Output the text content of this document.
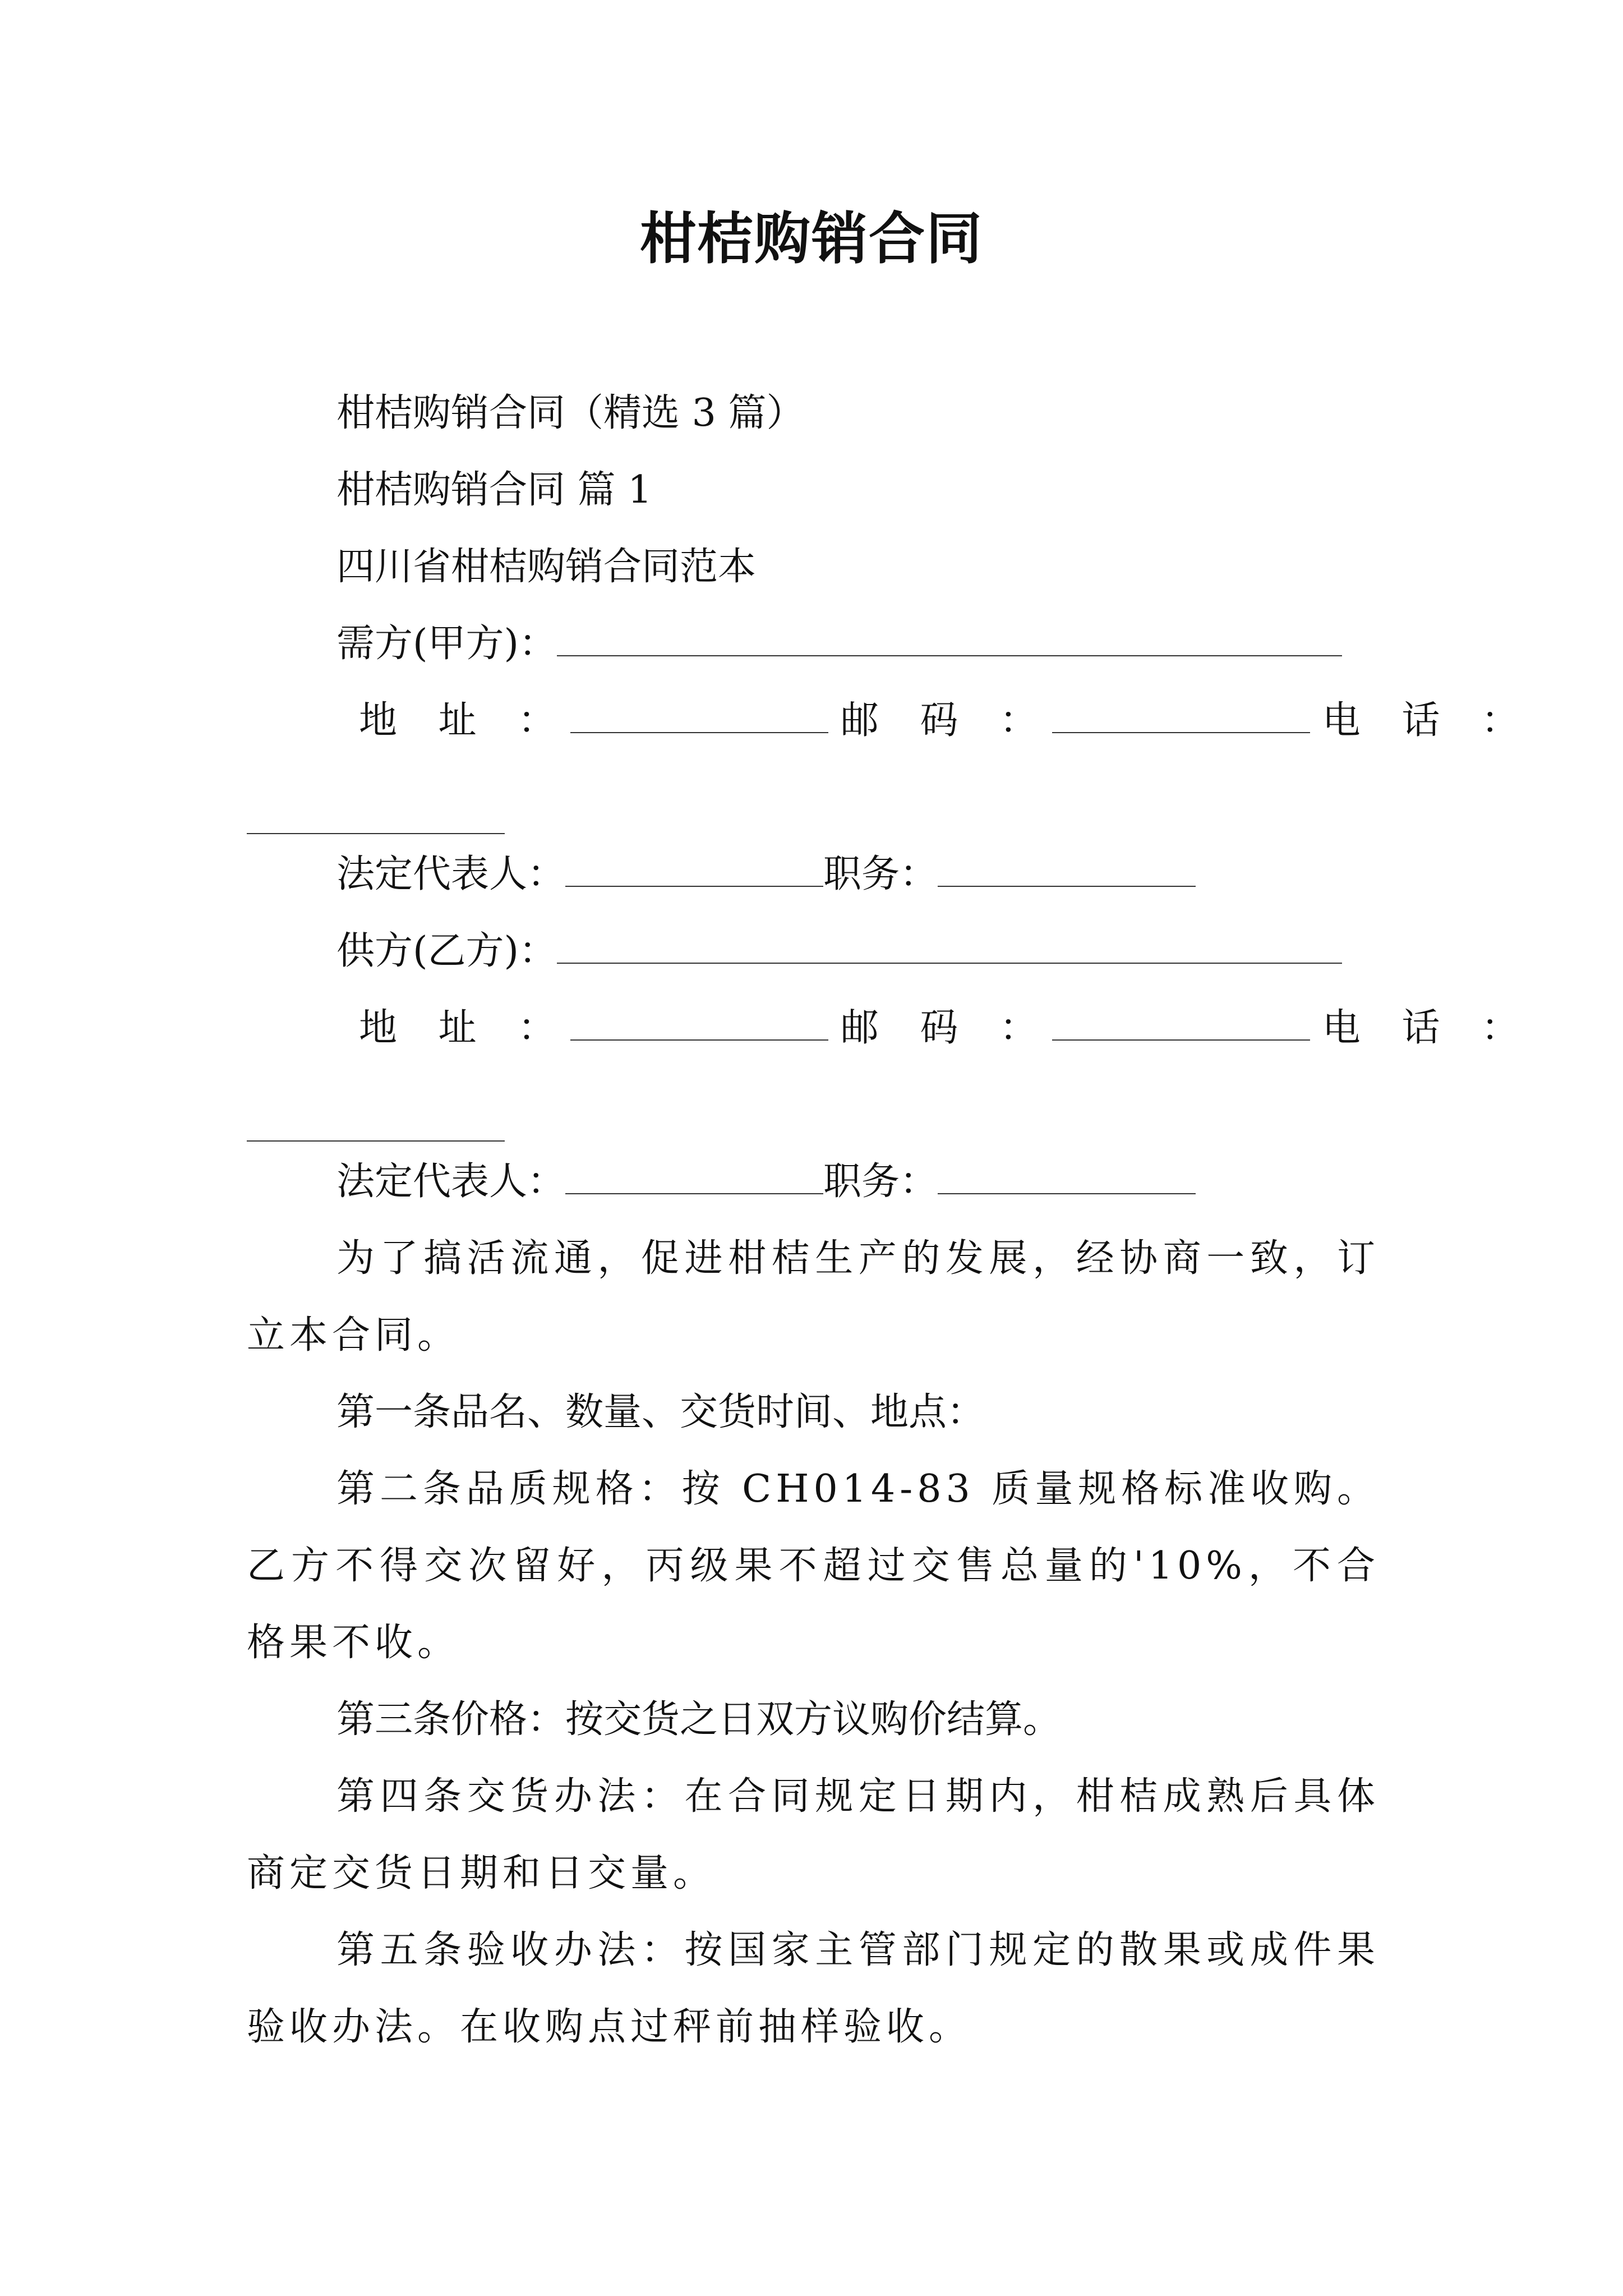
柑桔购销合同

柑桔购销合同（精选 3 篇）

柑桔购销合同 篇 1

四川省柑桔购销合同范本

需方(甲方)：

地 址 ：	邮 码 ：	电 话 ：

法定代表人：	职务：

供方(乙方)：

地 址 ：	邮 码 ：	电 话 ：

法定代表人：	职务：

为了搞活流通，促进柑桔生产的发展，经协商一致，订立本合同。

第一条品名、数量、交货时间、地点：

第二条品质规格：按 CH014-83 质量规格标准收购。乙方不得交次留好，丙级果不超过交售总量的'10%，不合格果不收。

第三条价格：按交货之日双方议购价结算。

第四条交货办法：在合同规定日期内，柑桔成熟后具体商定交货日期和日交量。

第五条验收办法：按国家主管部门规定的散果或成件果验收办法。在收购点过秤前抽样验收。
